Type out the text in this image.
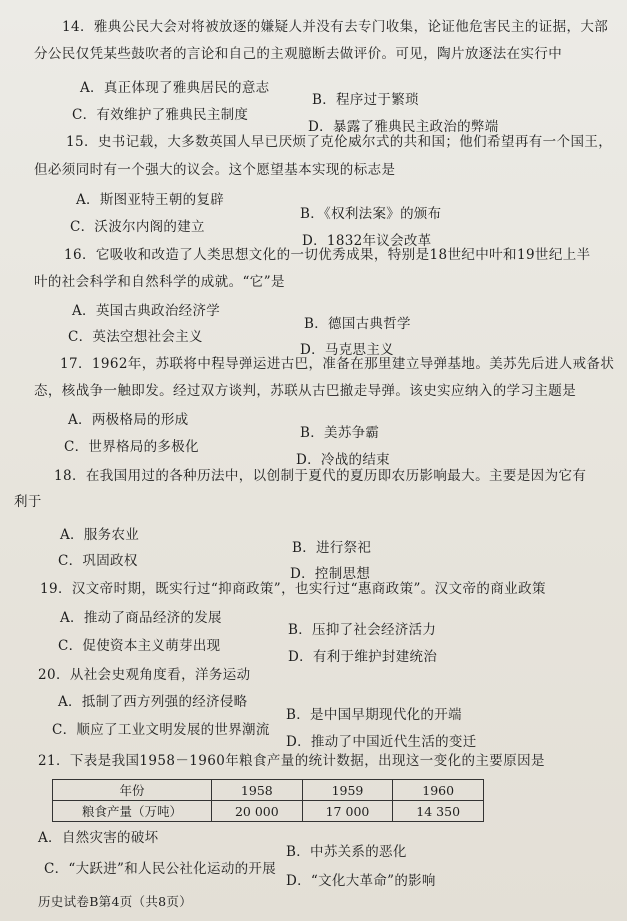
14．雅典公民大会对将被放逐的嫌疑人并没有去专门收集，论证他危害民主的证据，大部
分公民仅凭某些鼓吹者的言论和自己的主观臆断去做评价。可见，陶片放逐法在实行中
A．真正体现了雅典居民的意志
B．程序过于繁琐
C．有效维护了雅典民主制度
D．暴露了雅典民主政治的弊端
15．史书记载，大多数英国人早已厌烦了克伦威尔式的共和国；他们希望再有一个国王，
但必须同时有一个强大的议会。这个愿望基本实现的标志是
A．斯图亚特王朝的复辟
B．《权利法案》的颁布
C．沃波尔内阁的建立
D．1832年议会改革
16．它吸收和改造了人类思想文化的一切优秀成果，特别是18世纪中叶和19世纪上半
叶的社会科学和自然科学的成就。“它”是
A．英国古典政治经济学
B．德国古典哲学
C．英法空想社会主义
D．马克思主义
17．1962年，苏联将中程导弹运进古巴，准备在那里建立导弹基地。美苏先后进人戒备状
态，核战争一触即发。经过双方谈判，苏联从古巴撤走导弹。该史实应纳入的学习主题是
A．两极格局的形成
B．美苏争霸
C．世界格局的多极化
D．冷战的结束
18．在我国用过的各种历法中，以创制于夏代的夏历即农历影响最大。主要是因为它有
利于
A．服务农业
B．进行祭祀
C．巩固政权
D．控制思想
19．汉文帝时期，既实行过“抑商政策”，也实行过“惠商政策”。汉文帝的商业政策
A．推动了商品经济的发展
B．压抑了社会经济活力
C．促使资本主义萌芽出现
D．有利于维护封建统治
20．从社会史观角度看，洋务运动
A．抵制了西方列强的经济侵略
B．是中国早期现代化的开端
C．顺应了工业文明发展的世界潮流
D．推动了中国近代生活的变迁
21．下表是我国1958－1960年粮食产量的统计数据，出现这一变化的主要原因是
年份	1958	1959	1960
粮食产量（万吨）	20 000	17 000	14 350
A．自然灾害的破坏
B．中苏关系的恶化
C．“大跃进”和人民公社化运动的开展
D．“文化大革命”的影响
历史试卷B第4页（共8页）
